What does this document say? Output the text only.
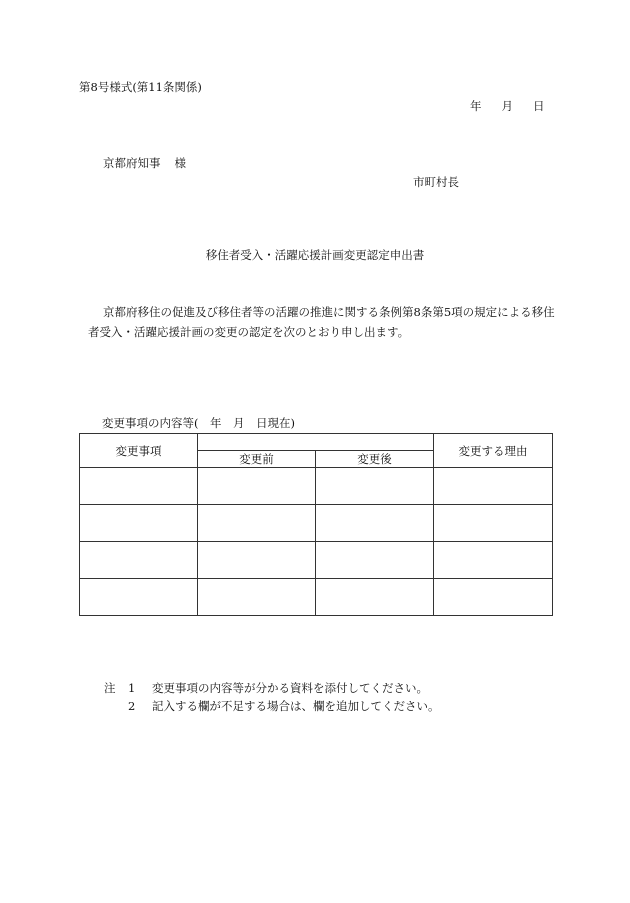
第8号様式(第11条関係)
年 月 日
京都府知事 様
市町村長
移住者受入・活躍応援計画変更認定申出書
京都府移住の促進及び移住者等の活躍の推進に関する条例第8条第5項の規定による移住者受入・活躍応援計画の変更の認定を次のとおり申し出ます。
変更事項の内容等(　年　月　日現在)
変更事項			変更する理由
	変更前	変更後	

注 1 変更事項の内容等が分かる資料を添付してください。
2 記入する欄が不足する場合は、欄を追加してください。
